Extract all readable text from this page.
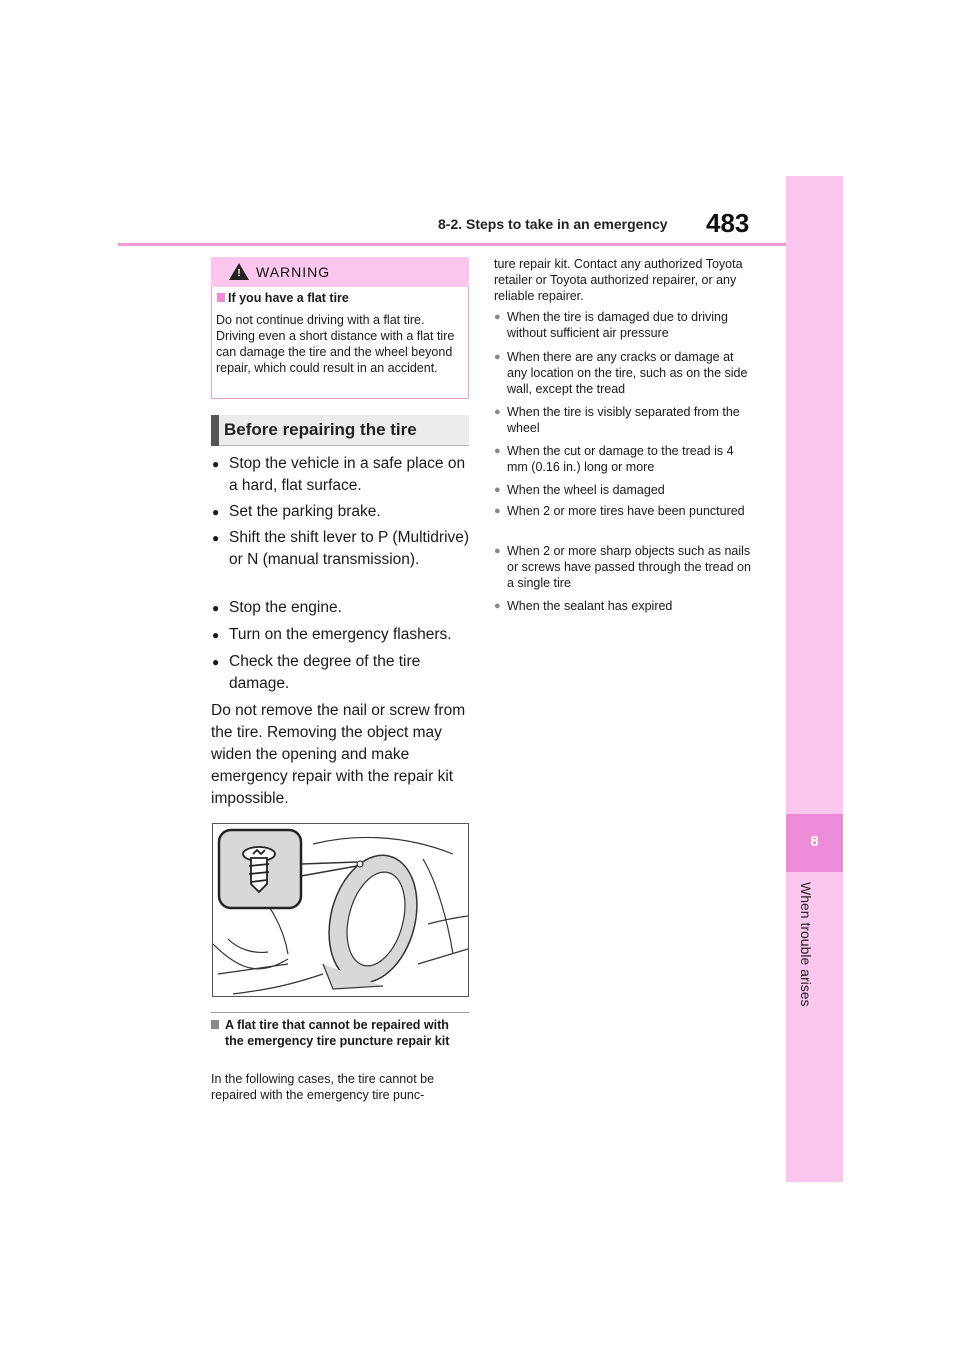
8-2. Steps to take in an emergency 483
8
When trouble arises
! WARNING
If you have a flat tire
Do not continue driving with a flat tire. Driving even a short distance with a flat tire can damage the tire and the wheel beyond repair, which could result in an accident.
Before repairing the tire
● Stop the vehicle in a safe place on a hard, flat surface.
● Set the parking brake.
● Shift the shift lever to P (Multidrive) or N (manual transmission).
● Stop the engine.
● Turn on the emergency flashers.
● Check the degree of the tire damage.
Do not remove the nail or screw from the tire. Removing the object may widen the opening and make emergency repair with the repair kit impossible.
A flat tire that cannot be repaired with the emergency tire puncture repair kit
In the following cases, the tire cannot be repaired with the emergency tire punc-
ture repair kit. Contact any authorized Toyota retailer or Toyota authorized repairer, or any reliable repairer.
● When the tire is damaged due to driving without sufficient air pressure
● When there are any cracks or damage at any location on the tire, such as on the side wall, except the tread
● When the tire is visibly separated from the wheel
● When the cut or damage to the tread is 4 mm (0.16 in.) long or more
● When the wheel is damaged
● When 2 or more tires have been punctured
● When 2 or more sharp objects such as nails or screws have passed through the tread on a single tire
● When the sealant has expired
